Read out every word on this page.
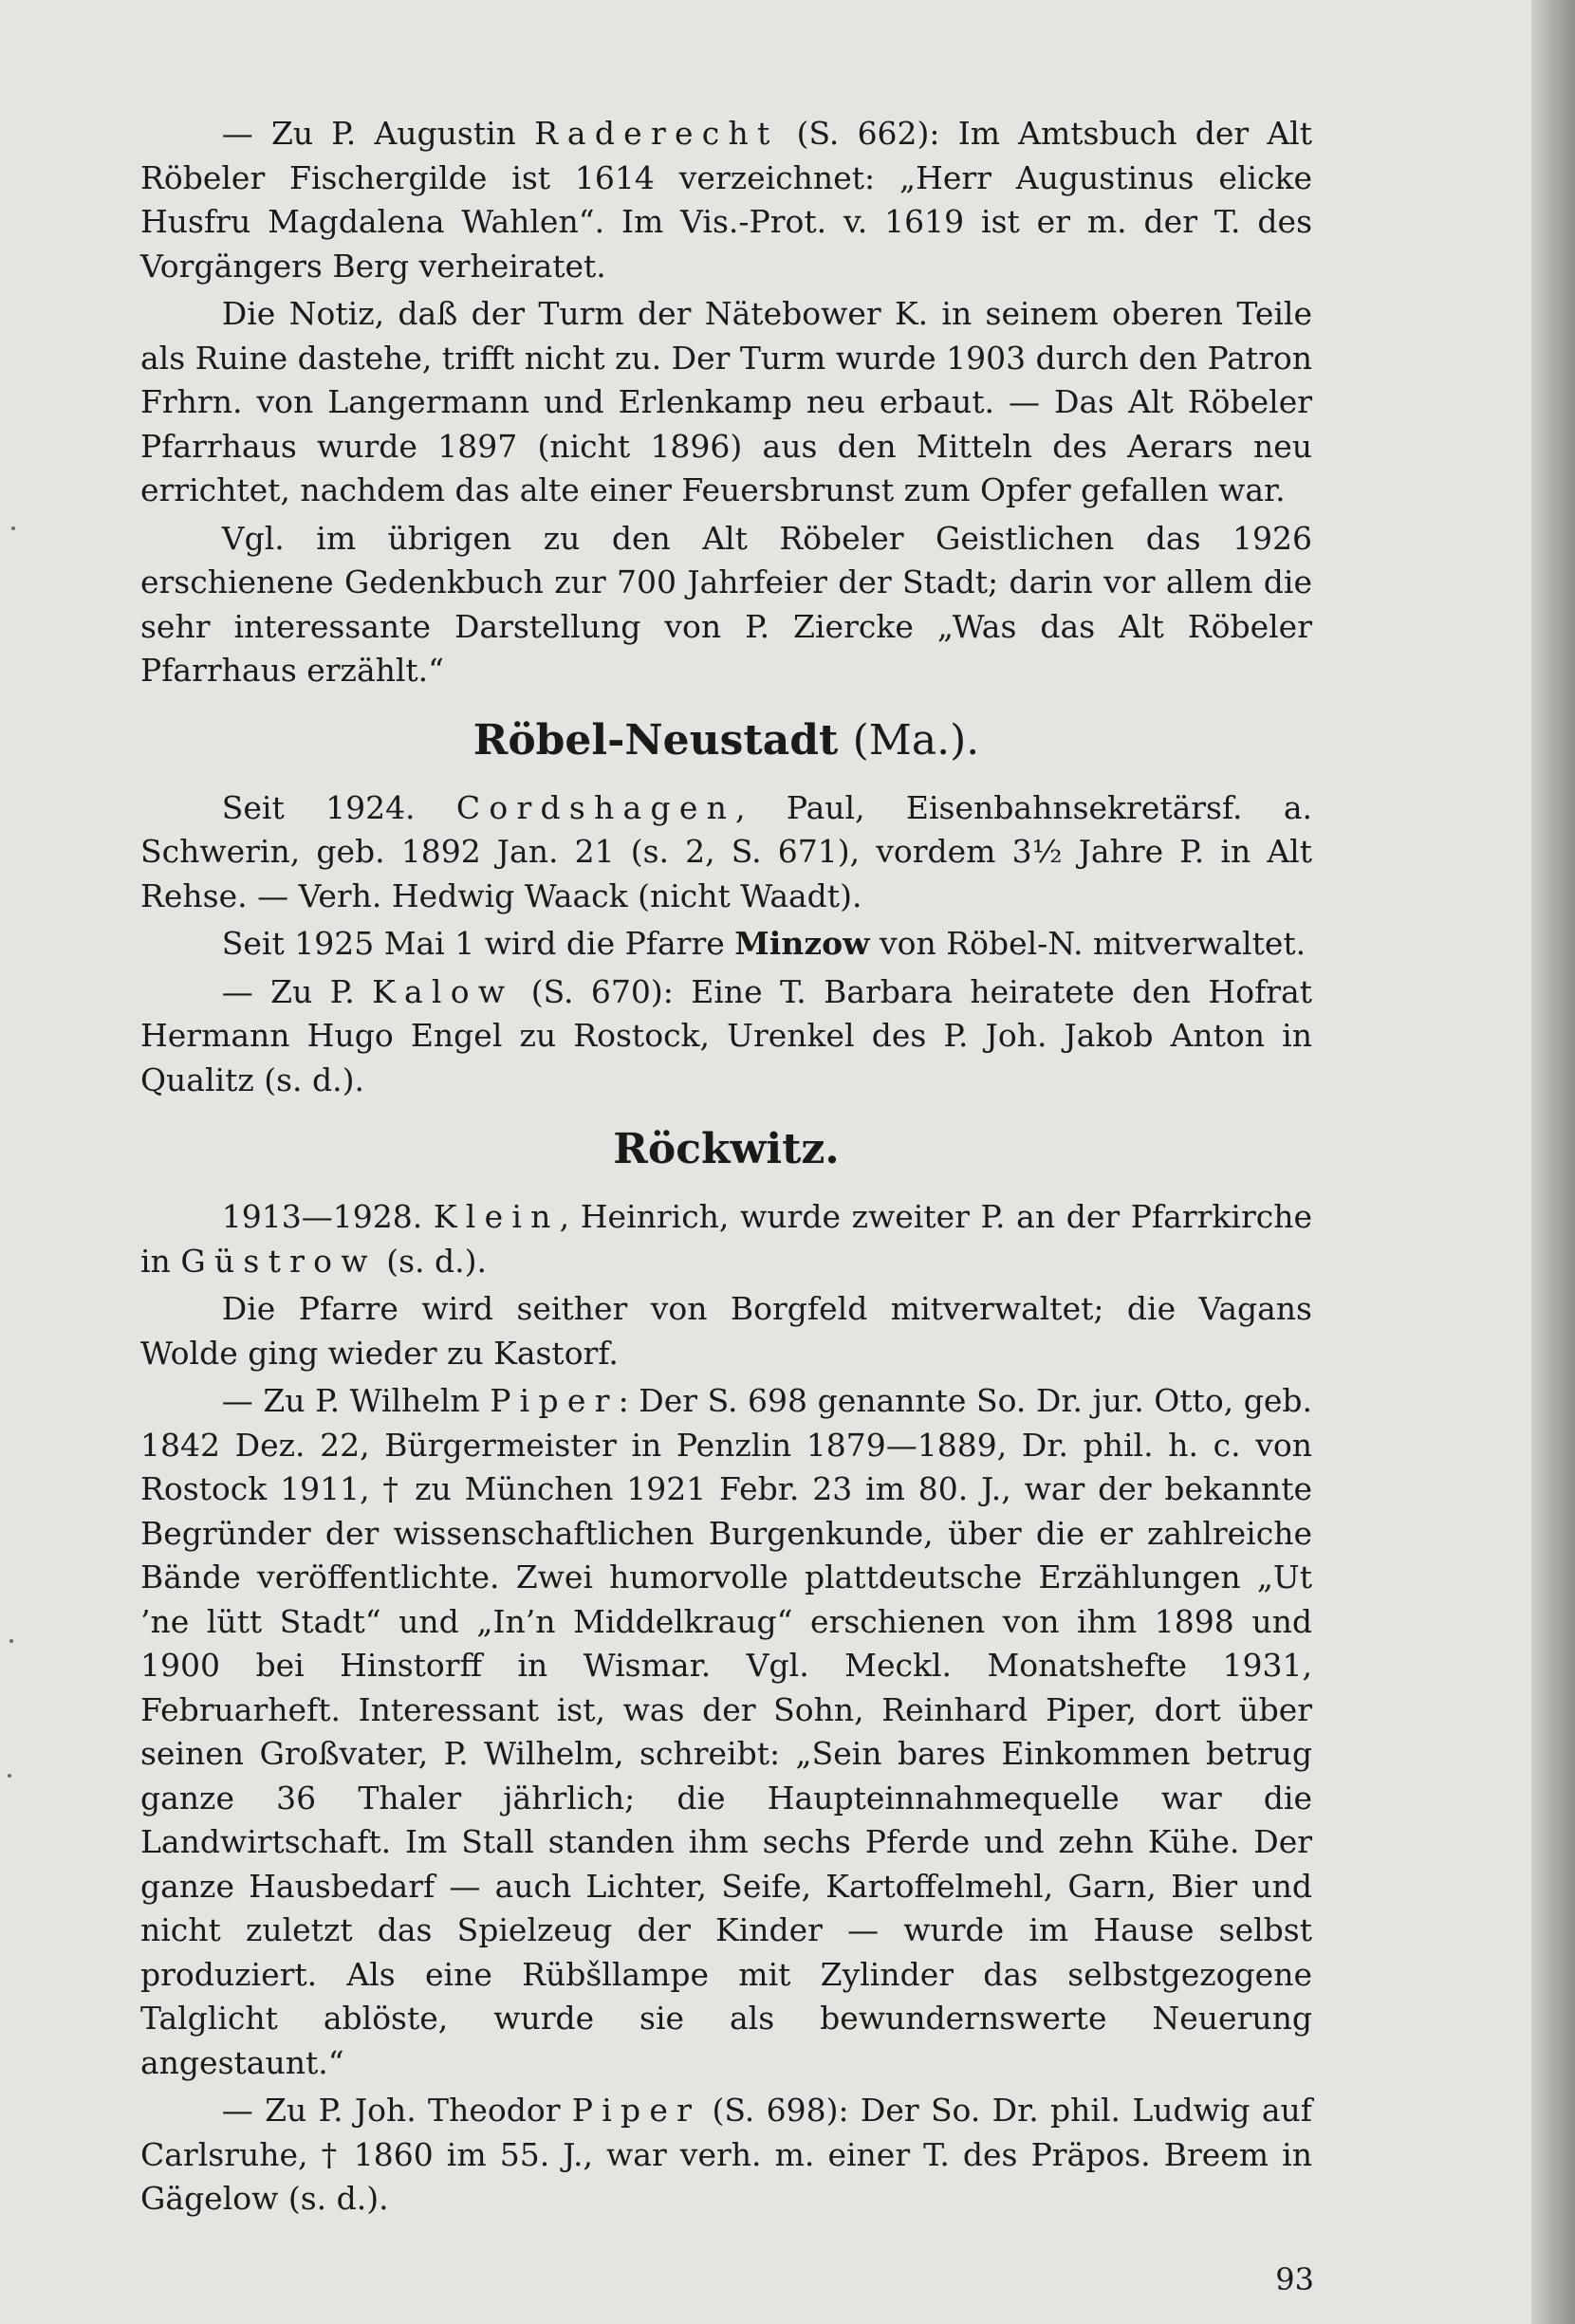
— Zu P. Augustin Raderecht (S. 662): Im Amtsbuch der Alt Röbeler Fischergilde ist 1614 verzeichnet: „Herr Augustinus elicke Husfru Magdalena Wahlen“. Im Vis.-Prot. v. 1619 ist er m. der T. des Vorgängers Berg verheiratet.

Die Notiz, daß der Turm der Nätebower K. in seinem oberen Teile als Ruine dastehe, trifft nicht zu. Der Turm wurde 1903 durch den Patron Frhrn. von Langermann und Erlenkamp neu erbaut. — Das Alt Röbeler Pfarrhaus wurde 1897 (nicht 1896) aus den Mitteln des Aerars neu errichtet, nachdem das alte einer Feuersbrunst zum Opfer gefallen war.

Vgl. im übrigen zu den Alt Röbeler Geistlichen das 1926 erschienene Gedenkbuch zur 700 Jahrfeier der Stadt; darin vor allem die sehr interessante Darstellung von P. Ziercke „Was das Alt Röbeler Pfarrhaus erzählt.“

Röbel-Neustadt (Ma.).

Seit 1924. Cordshagen, Paul, Eisenbahnsekretärsf. a. Schwerin, geb. 1892 Jan. 21 (s. 2, S. 671), vordem 3½ Jahre P. in Alt Rehse. — Verh. Hedwig Waack (nicht Waadt).

Seit 1925 Mai 1 wird die Pfarre Minzow von Röbel-N. mitverwaltet.

— Zu P. Kalow (S. 670): Eine T. Barbara heiratete den Hofrat Hermann Hugo Engel zu Rostock, Urenkel des P. Joh. Jakob Anton in Qualitz (s. d.).

Röckwitz.

1913—1928. Klein, Heinrich, wurde zweiter P. an der Pfarrkirche in Güstrow (s. d.).

Die Pfarre wird seither von Borgfeld mitverwaltet; die Vagans Wolde ging wieder zu Kastorf.

— Zu P. Wilhelm Piper: Der S. 698 genannte So. Dr. jur. Otto, geb. 1842 Dez. 22, Bürgermeister in Penzlin 1879—1889, Dr. phil. h. c. von Rostock 1911, † zu München 1921 Febr. 23 im 80. J., war der bekannte Begründer der wissenschaftlichen Burgenkunde, über die er zahlreiche Bände veröffentlichte. Zwei humorvolle plattdeutsche Erzählungen „Ut ’ne lütt Stadt“ und „In’n Middelkraug“ erschienen von ihm 1898 und 1900 bei Hinstorff in Wismar. Vgl. Meckl. Monatshefte 1931, Februarheft. Interessant ist, was der Sohn, Reinhard Piper, dort über seinen Großvater, P. Wilhelm, schreibt: „Sein bares Einkommen betrug ganze 36 Thaler jährlich; die Haupteinnahmequelle war die Landwirtschaft. Im Stall standen ihm sechs Pferde und zehn Kühe. Der ganze Hausbedarf — auch Lichter, Seife, Kartoffelmehl, Garn, Bier und nicht zuletzt das Spielzeug der Kinder — wurde im Hause selbst produziert. Als eine Rübšllampe mit Zylinder das selbstgezogene Talglicht ablöste, wurde sie als bewundernswerte Neuerung angestaunt.“

— Zu P. Joh. Theodor Piper (S. 698): Der So. Dr. phil. Ludwig auf Carlsruhe, † 1860 im 55. J., war verh. m. einer T. des Präpos. Breem in Gägelow (s. d.).

93
